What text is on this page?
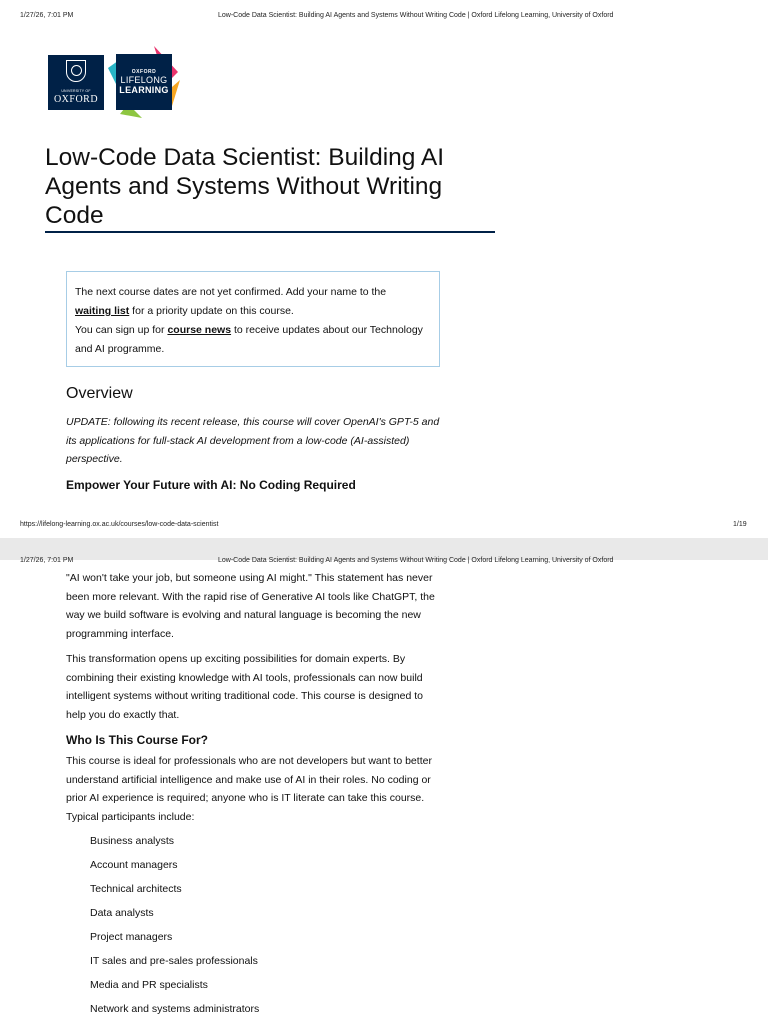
1/27/26, 7:01 PM	Low-Code Data Scientist: Building AI Agents and Systems Without Writing Code | Oxford Lifelong Learning, University of Oxford
UNIVERSITY OF
OXFORD
OXFORD
LIFELONG
LEARNING
Low-Code Data Scientist: Building AI Agents and Systems Without Writing Code
The next course dates are not yet confirmed. Add your name to the
waiting list for a priority update on this course.
You can sign up for course news to receive updates about our Technology and AI programme.
Overview

UPDATE: following its recent release, this course will cover OpenAI's GPT-5 and its applications for full-stack AI development from a low-code (AI-assisted) perspective.

Empower Your Future with AI: No Coding Required

https://lifelong-learning.ox.ac.uk/courses/low-code-data-scientist	1/19
1/27/26, 7:01 PM	Low-Code Data Scientist: Building AI Agents and Systems Without Writing Code | Oxford Lifelong Learning, University of Oxford

"AI won't take your job, but someone using AI might." This statement has never been more relevant. With the rapid rise of Generative AI tools like ChatGPT, the way we build software is evolving and natural language is becoming the new programming interface.

This transformation opens up exciting possibilities for domain experts. By combining their existing knowledge with AI tools, professionals can now build intelligent systems without writing traditional code. This course is designed to help you do exactly that.

Who Is This Course For?

This course is ideal for professionals who are not developers but want to better understand artificial intelligence and make use of AI in their roles. No coding or prior AI experience is required; anyone who is IT literate can take this course. Typical participants include:

Business analysts
Account managers
Technical architects
Data analysts
Project managers
IT sales and pre-sales professionals
Media and PR specialists
Network and systems administrators
